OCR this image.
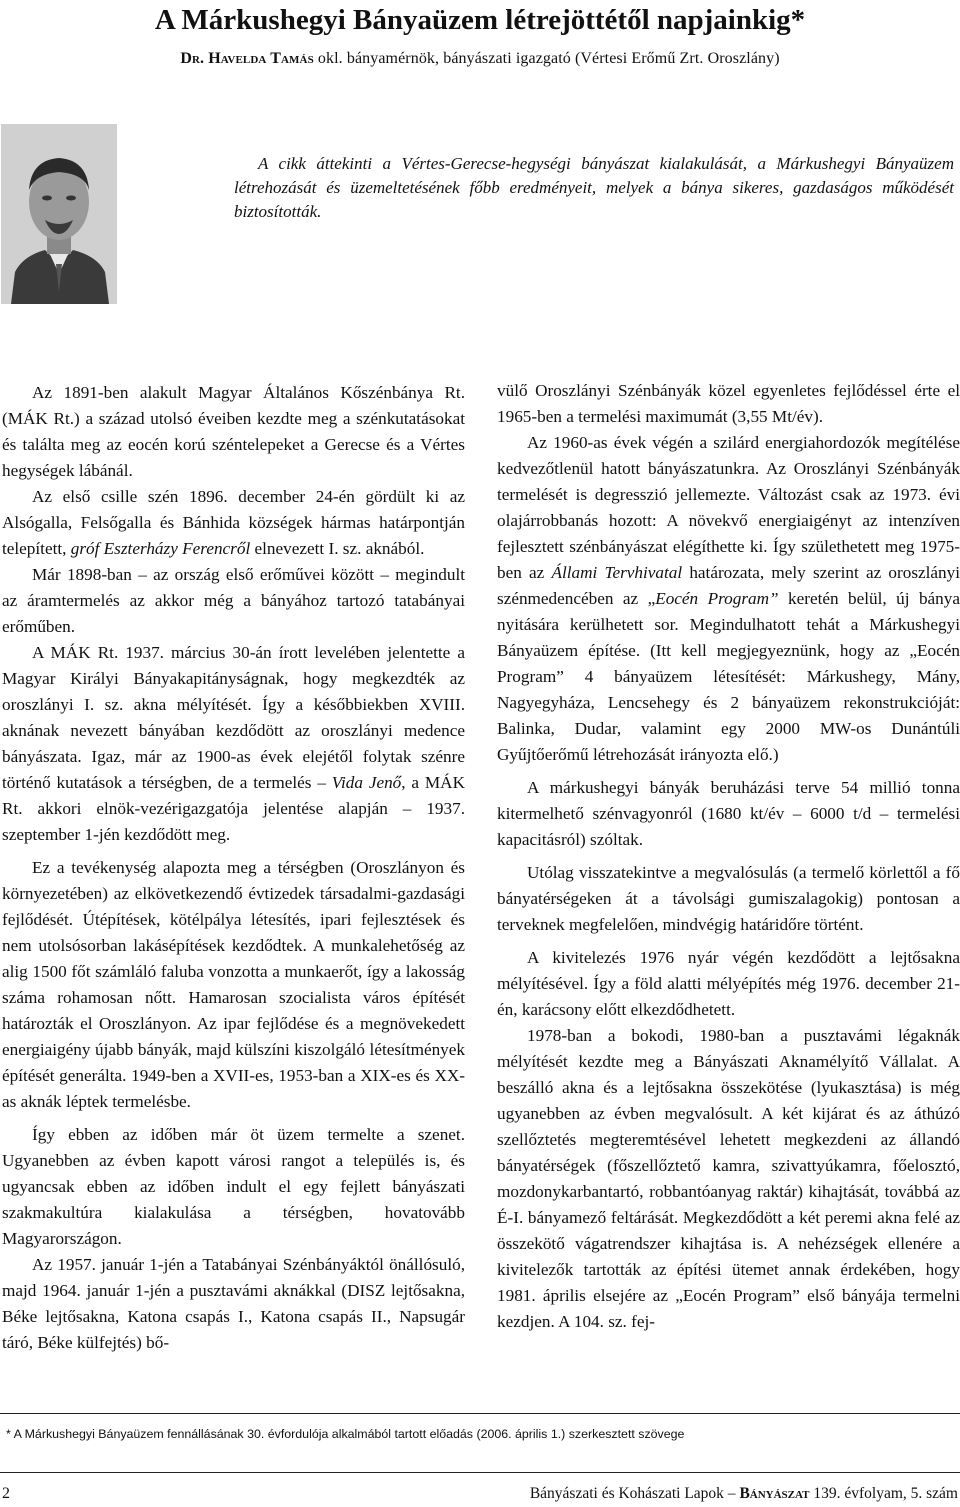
A Márkushegyi Bányaüzem létrejöttétől napjainkig*
Dr. Havelda Tamás okl. bányamérnök, bányászati igazgató (Vértesi Erőmű Zrt. Oroszlány)

A cikk áttekinti a Vértes-Gerecse-hegységi bányászat kialakulását, a Márkushegyi Bányaüzem létrehozását és üzemeltetésének főbb eredményeit, melyek a bánya sikeres, gazdaságos működését biztosították.

Az 1891-ben alakult Magyar Általános Kőszénbánya Rt. (MÁK Rt.) a század utolsó éveiben kezdte meg a szénkutatásokat és találta meg az eocén korú széntelepeket a Gerecse és a Vértes hegységek lábánál.

Az első csille szén 1896. december 24-én gördült ki az Alsógalla, Felsőgalla és Bánhida községek hármas határpontján telepített, gróf Eszterházy Ferencről elnevezett I. sz. aknából.

Már 1898-ban – az ország első erőművei között – megindult az áramtermelés az akkor még a bányához tartozó tatabányai erőműben.

A MÁK Rt. 1937. március 30-án írott levelében jelentette a Magyar Királyi Bányakapitányságnak, hogy megkezdték az oroszlányi I. sz. akna mélyítését. Így a későbbiekben XVIII. aknának nevezett bányában kezdődött az oroszlányi medence bányászata. Igaz, már az 1900-as évek elejétől folytak szénre történő kutatások a térségben, de a termelés – Vida Jenő, a MÁK Rt. akkori elnök-vezérigazgatója jelentése alapján – 1937. szeptember 1-jén kezdődött meg.

Ez a tevékenység alapozta meg a térségben (Oroszlányon és környezetében) az elkövetkezendő évtizedek társadalmi-gazdasági fejlődését. Útépítések, kötélpálya létesítés, ipari fejlesztések és nem utolsósorban lakásépítések kezdődtek. A munkalehetőség az alig 1500 főt számláló faluba vonzotta a munkaerőt, így a lakosság száma rohamosan nőtt. Hamarosan szocialista város építését határozták el Oroszlányon. Az ipar fejlődése és a megnövekedett energiaigény újabb bányák, majd külszíni kiszolgáló létesítmények építését generálta. 1949-ben a XVII-es, 1953-ban a XIX-es és XX-as aknák léptek termelésbe.

Így ebben az időben már öt üzem termelte a szenet. Ugyanebben az évben kapott városi rangot a település is, és ugyancsak ebben az időben indult el egy fejlett bányászati szakmakultúra kialakulása a térségben, hovatovább Magyarországon.

Az 1957. január 1-jén a Tatabányai Szénbányáktól önállósuló, majd 1964. január 1-jén a pusztavámi aknákkal (DISZ lejtősakna, Béke lejtősakna, Katona csapás I., Katona csapás II., Napsugár táró, Béke külfejtés) bő-

vülő Oroszlányi Szénbányák közel egyenletes fejlődéssel érte el 1965-ben a termelési maximumát (3,55 Mt/év).

Az 1960-as évek végén a szilárd energiahordozók megítélése kedvezőtlenül hatott bányászatunkra. Az Oroszlányi Szénbányák termelését is degresszió jellemezte. Változást csak az 1973. évi olajárrobbanás hozott: A növekvő energiaigényt az intenzíven fejlesztett szénbányászat elégíthette ki. Így születhetett meg 1975-ben az Állami Tervhivatal határozata, mely szerint az oroszlányi szénmedencében az „Eocén Program” keretén belül, új bánya nyitására kerülhetett sor. Megindulhatott tehát a Márkushegyi Bányaüzem építése. (Itt kell megjegyeznünk, hogy az „Eocén Program” 4 bányaüzem létesítését: Márkushegy, Mány, Nagyegyháza, Lencsehegy és 2 bányaüzem rekonstrukcióját: Balinka, Dudar, valamint egy 2000 MW-os Dunántúli Gyűjtőerőmű létrehozását irányozta elő.)

A márkushegyi bányák beruházási terve 54 millió tonna kitermelhető szénvagyonról (1680 kt/év – 6000 t/d – termelési kapacitásról) szóltak.

Utólag visszatekintve a megvalósulás (a termelő körlettől a fő bányatérségeken át a távolsági gumiszalagokig) pontosan a terveknek megfelelően, mindvégig határidőre történt.

A kivitelezés 1976 nyár végén kezdődött a lejtősakna mélyítésével. Így a föld alatti mélyépítés még 1976. december 21-én, karácsony előtt elkezdődhetett.

1978-ban a bokodi, 1980-ban a pusztavámi légaknák mélyítését kezdte meg a Bányászati Aknamélyítő Vállalat. A beszálló akna és a lejtősakna összekötése (lyukasztása) is még ugyanebben az évben megvalósult. A két kijárat és az áthúzó szellőztetés megteremtésével lehetett megkezdeni az állandó bányatérségek (főszellőztető kamra, szivattyúkamra, főelosztó, mozdonykarbantartó, robbantóanyag raktár) kihajtását, továbbá az É-I. bányamező feltárását. Megkezdődött a két peremi akna felé az összekötő vágatrendszer kihajtása is. A nehézségek ellenére a kivitelezők tartották az építési ütemet annak érdekében, hogy 1981. április elsejére az „Eocén Program” első bányája termelni kezdjen. A 104. sz. fej-

* A Márkushegyi Bányaüzem fennállásának 30. évfordulója alkalmából tartott előadás (2006. április 1.) szerkesztett szövege
2	Bányászati és Kohászati Lapok – Bányászat 139. évfolyam, 5. szám
